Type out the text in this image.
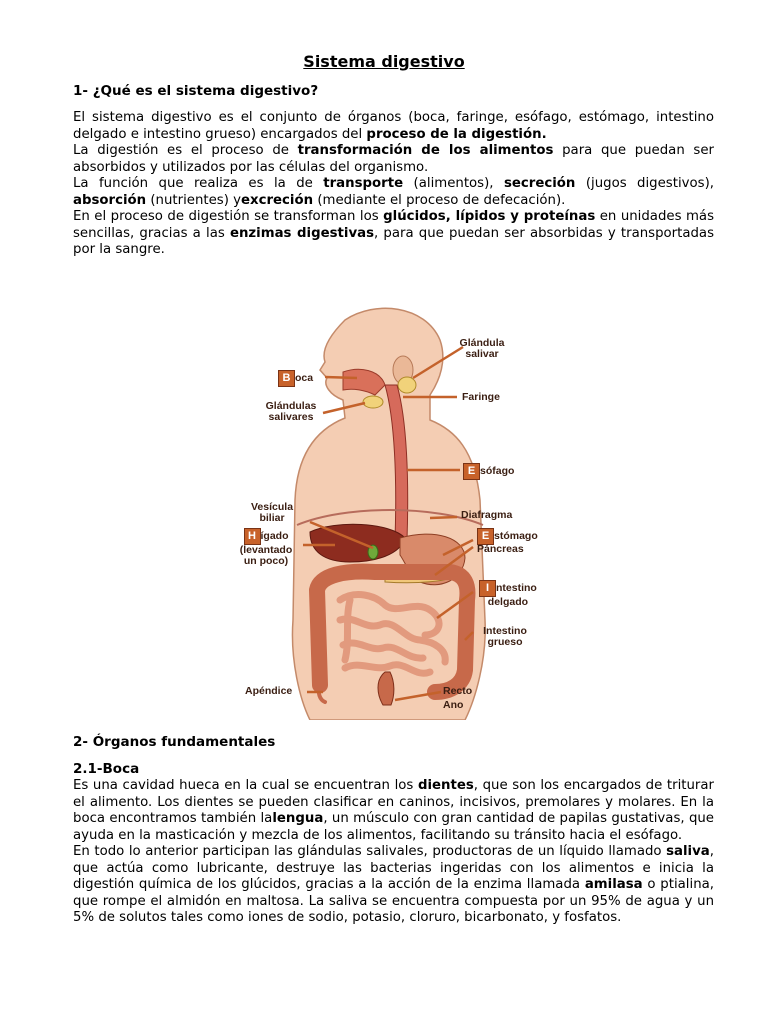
Sistema digestivo
1- ¿Qué es el sistema digestivo?

El sistema digestivo es el conjunto de órganos (boca, faringe, esófago, estómago, intestino delgado e intestino grueso) encargados del proceso de la digestión.

La digestión es el proceso de transformación de los alimentos para que puedan ser absorbidos y utilizados por las células del organismo.

La función que realiza es la de transporte (alimentos), secreción (jugos digestivos), absorción (nutrientes) yexcreción (mediante el proceso de defecación).

En el proceso de digestión se transforman los glúcidos, lípidos y proteínas en unidades más sencillas, gracias a las enzimas digestivas, para que puedan ser absorbidas y transportadas por la sangre.

Glándula salivar
B oca
Faringe
Glándulas salivares
E sófago
Vesícula biliar	Diafragma
H ígado

(levantado un poco)
E stómago
Páncreas
I ntestino

delgado
Intestino grueso
Apéndice	Recto
Ano
2- Órganos fundamentales
2.1-Boca

Es una cavidad hueca en la cual se encuentran los dientes, que son los encargados de triturar el alimento. Los dientes se pueden clasificar en caninos, incisivos, premolares y molares. En la boca encontramos también lalengua, un músculo con gran cantidad de papilas gustativas, que ayuda en la masticación y mezcla de los alimentos, facilitando su tránsito hacia el esófago.

En todo lo anterior participan las glándulas salivales, productoras de un líquido llamado saliva, que actúa como lubricante, destruye las bacterias ingeridas con los alimentos e inicia la digestión química de los glúcidos, gracias a la acción de la enzima llamada amilasa o ptialina, que rompe el almidón en maltosa. La saliva se encuentra compuesta por un 95% de agua y un 5% de solutos tales como iones de sodio, potasio, cloruro, bicarbonato, y fosfatos.
